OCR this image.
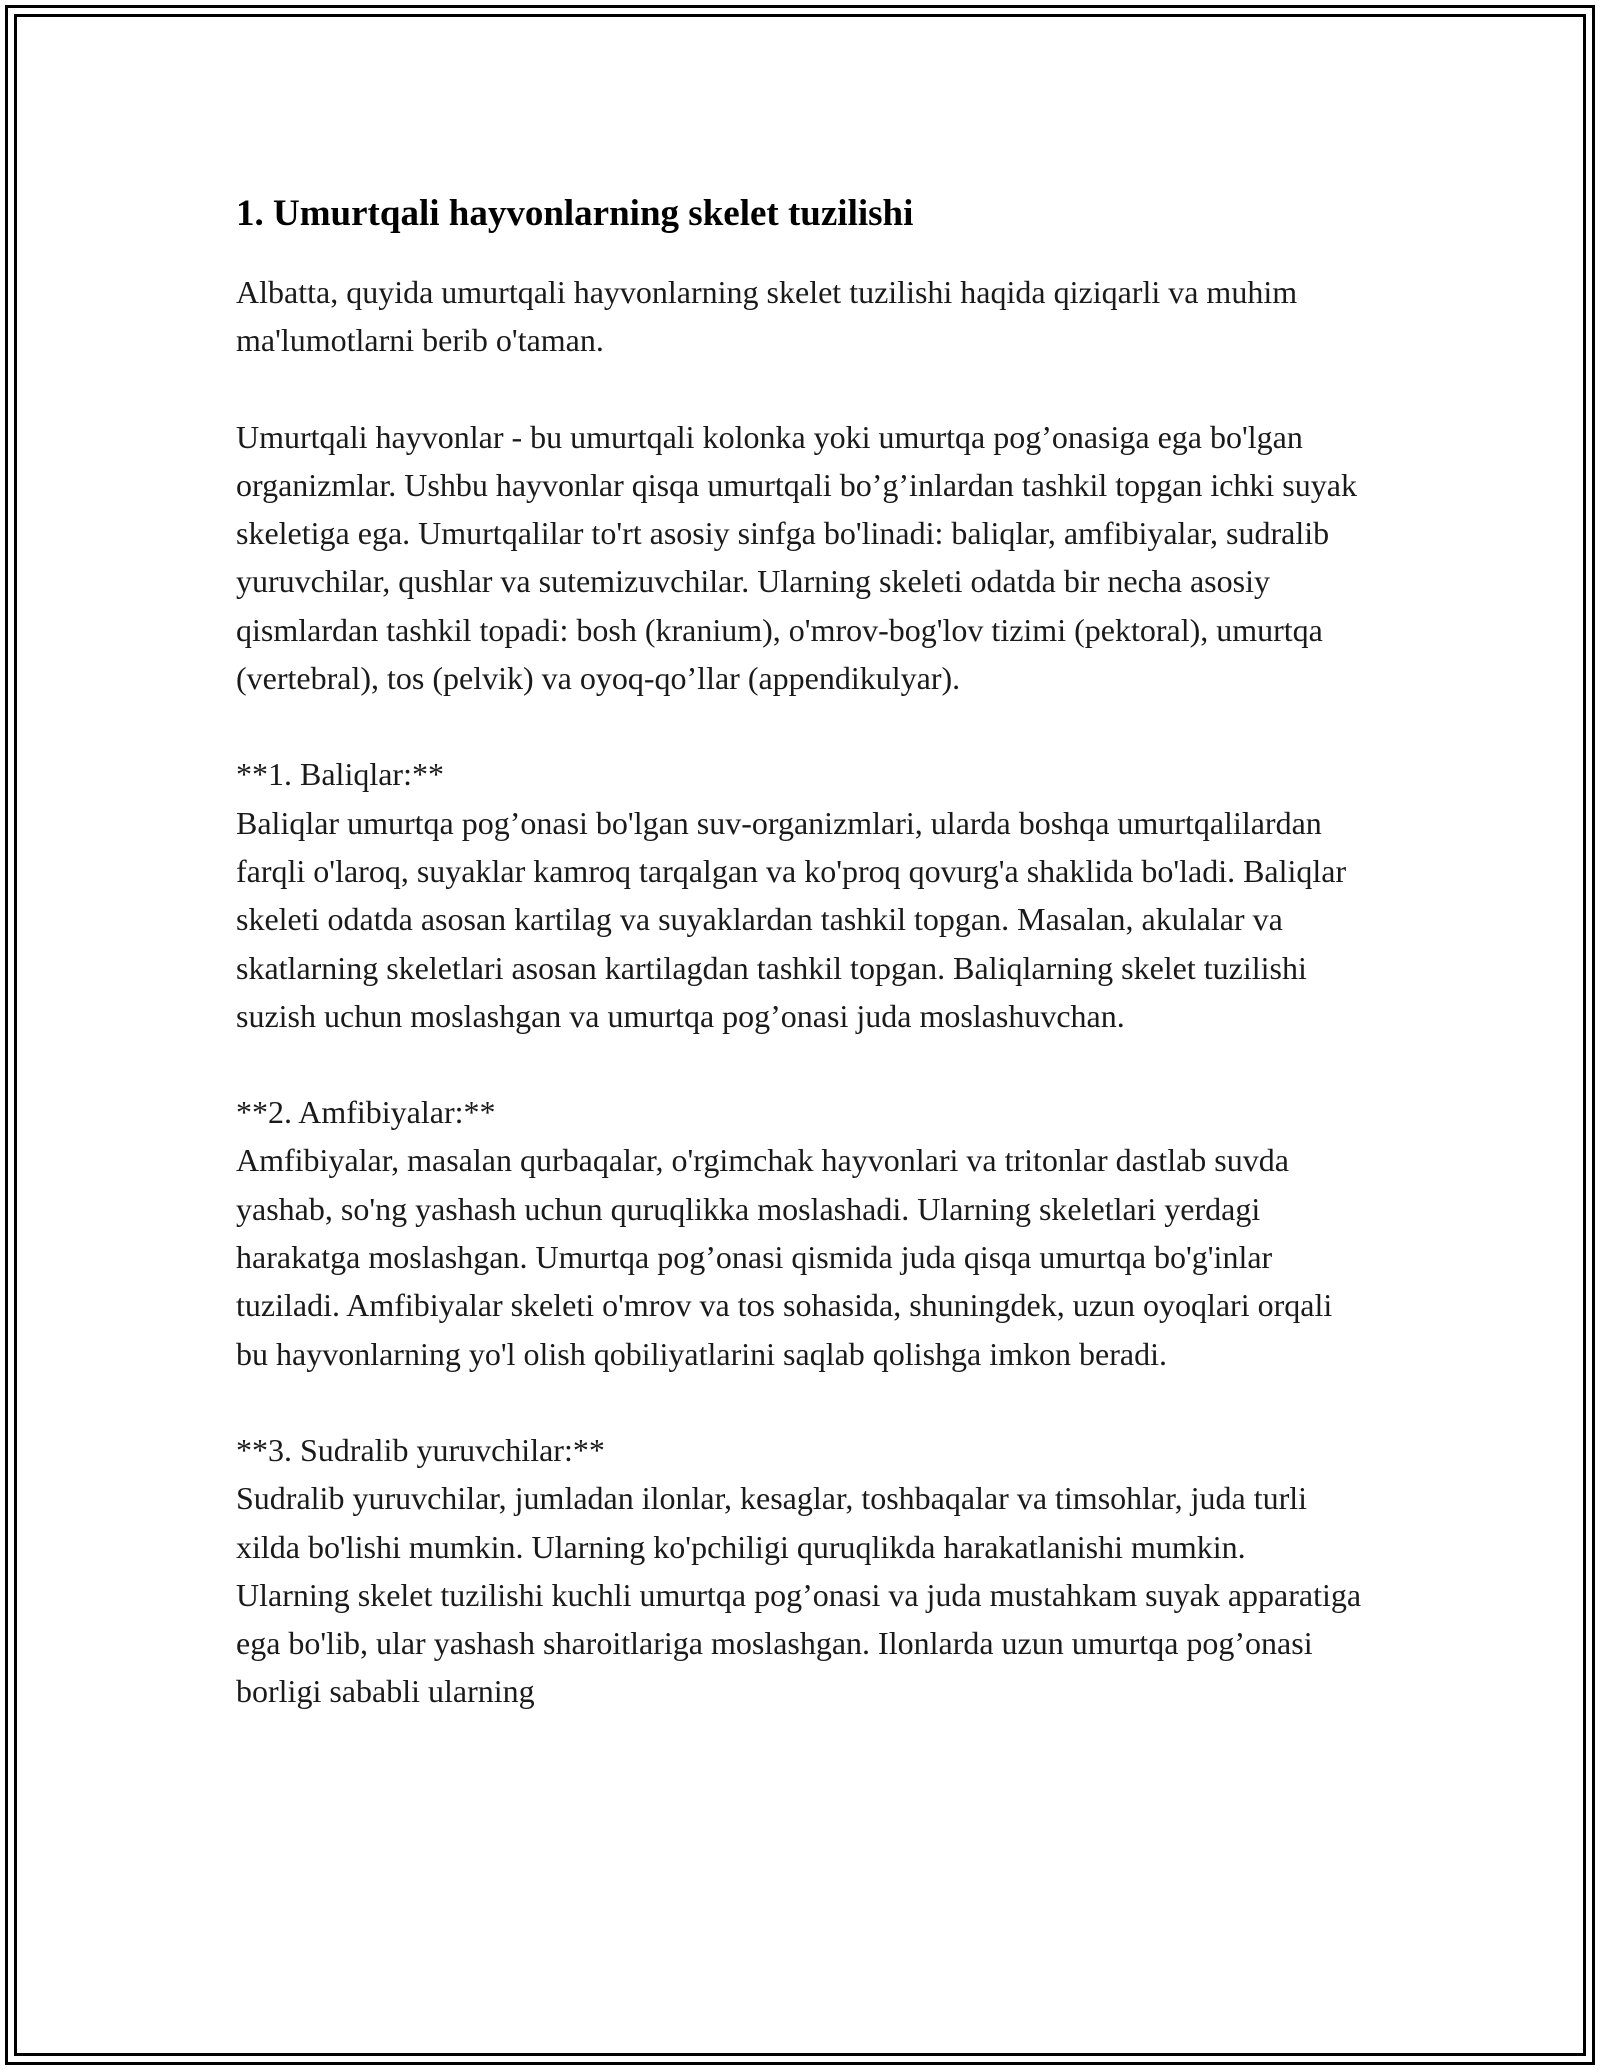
1. Umurtqali hayvonlarning skelet tuzilishi

Albatta, quyida umurtqali hayvonlarning skelet tuzilishi haqida qiziqarli va muhim ma'lumotlarni berib o'taman.

Umurtqali hayvonlar - bu umurtqali kolonka yoki umurtqa pog’onasiga ega bo'lgan organizmlar. Ushbu hayvonlar qisqa umurtqali bo’g’inlardan tashkil topgan ichki suyak skeletiga ega. Umurtqalilar to'rt asosiy sinfga bo'linadi: baliqlar, amfibiyalar, sudralib yuruvchilar, qushlar va sutemizuvchilar. Ularning skeleti odatda bir necha asosiy qismlardan tashkil topadi: bosh (kranium), o'mrov-bog'lov tizimi (pektoral), umurtqa (vertebral), tos (pelvik) va oyoq-qo’llar (appendikulyar).

**1. Baliqlar:**
Baliqlar umurtqa pog’onasi bo'lgan suv-organizmlari, ularda boshqa umurtqalilardan farqli o'laroq, suyaklar kamroq tarqalgan va ko'proq qovurg'a shaklida bo'ladi. Baliqlar skeleti odatda asosan kartilag va suyaklardan tashkil topgan. Masalan, akulalar va skatlarning skeletlari asosan kartilagdan tashkil topgan. Baliqlarning skelet tuzilishi suzish uchun moslashgan va umurtqa pog’onasi juda moslashuvchan.
**2. Amfibiyalar:**
Amfibiyalar, masalan qurbaqalar, o'rgimchak hayvonlari va tritonlar dastlab suvda yashab, so'ng yashash uchun quruqlikka moslashadi. Ularning skeletlari yerdagi harakatga moslashgan. Umurtqa pog’onasi qismida juda qisqa umurtqa bo'g'inlar tuziladi. Amfibiyalar skeleti o'mrov va tos sohasida, shuningdek, uzun oyoqlari orqali bu hayvonlarning yo'l olish qobiliyatlarini saqlab qolishga imkon beradi.
**3. Sudralib yuruvchilar:**
Sudralib yuruvchilar, jumladan ilonlar, kesaglar, toshbaqalar va timsohlar, juda turli xilda bo'lishi mumkin. Ularning ko'pchiligi quruqlikda harakatlanishi mumkin. Ularning skelet tuzilishi kuchli umurtqa pog’onasi va juda mustahkam suyak apparatiga ega bo'lib, ular yashash sharoitlariga moslashgan. Ilonlarda uzun umurtqa pog’onasi borligi sababli ularning
